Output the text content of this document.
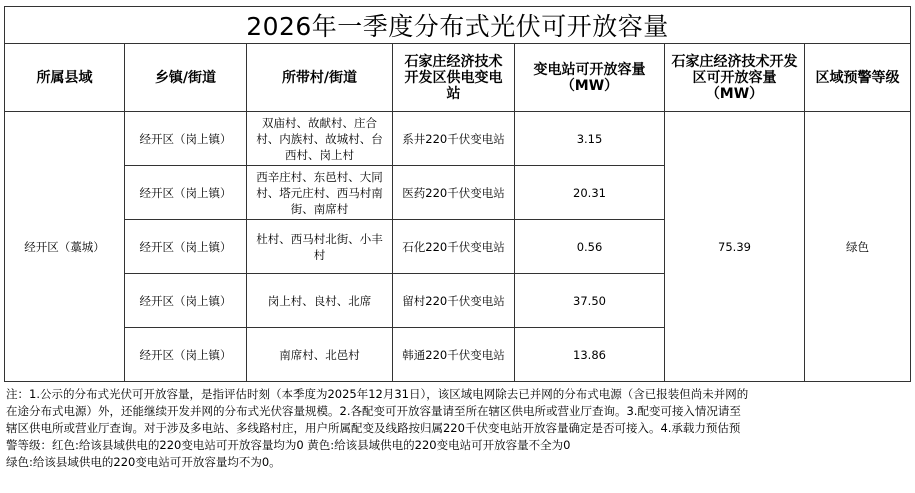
2026年一季度分布式光伏可开放容量						
所属县域	乡镇/街道	所带村/街道	石家庄经济技术开发区供电变电站	变电站可开放容量（MW）	石家庄经济技术开发区可开放容量（MW）	区域预警等级
经开区（藁城）	经开区（岗上镇）	双庙村、故献村、庄合村、内族村、故城村、台西村、岗上村	系井220千伏变电站	3.15	75.39	绿色
	经开区（岗上镇）	西辛庄村、东邑村、大同村、塔元庄村、西马村南街、南席村	医药220千伏变电站	20.31		
	经开区（岗上镇）	杜村、西马村北街、小丰村	石化220千伏变电站	0.56		
	经开区（岗上镇）	岗上村、良村、北席	留村220千伏变电站	37.50		
	经开区（岗上镇）	南席村、北邑村	韩通220千伏变电站	13.86		
注：1.公示的分布式光伏可开放容量，是指评估时刻（本季度为2025年12月31日），该区域电网除去已并网的分布式电源（含已报装但尚未并网的
在途分布式电源）外，还能继续开发并网的分布式光伏容量规模。2.各配变可开放容量请至所在辖区供电所或营业厅查询。3.配变可接入情况请至
辖区供电所或营业厅查询。对于涉及多电站、多线路村庄，用户所属配变及线路按归属220千伏变电站开放容量确定是否可接入。4.承载力预估预
警等级：红色:给该县域供电的220变电站可开放容量均为0 黄色:给该县域供电的220变电站可开放容量不全为0
绿色:给该县域供电的220变电站可开放容量均不为0。
